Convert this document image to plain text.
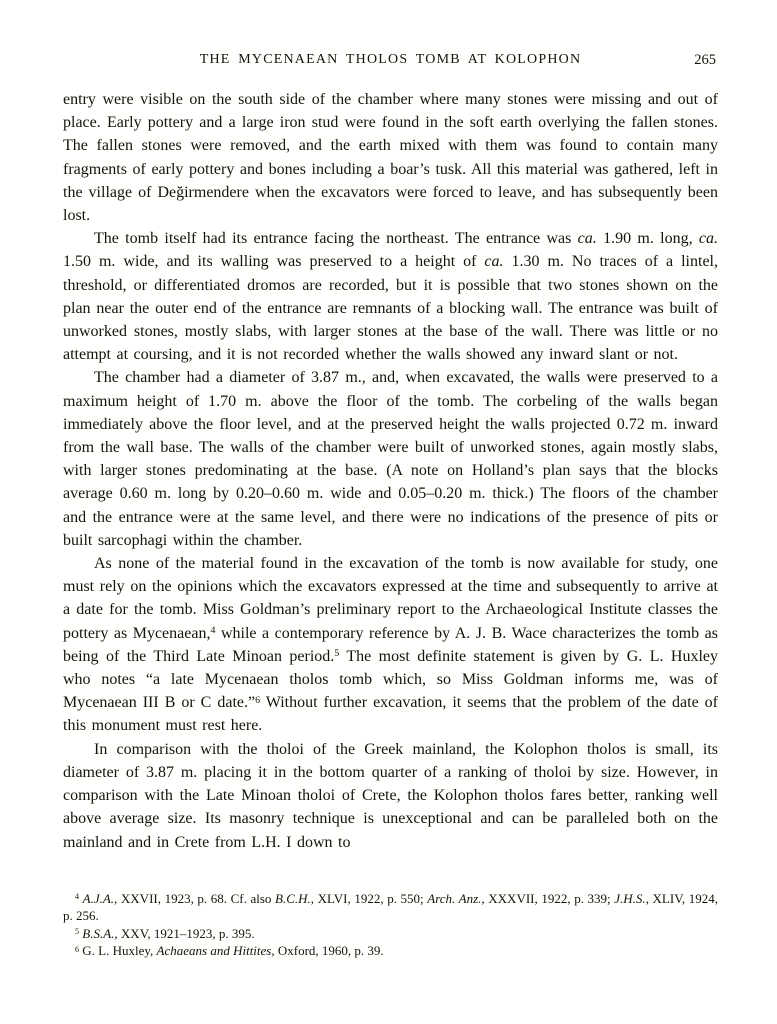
THE MYCENAEAN THOLOS TOMB AT KOLOPHON	265

entry were visible on the south side of the chamber where many stones were missing and out of place. Early pottery and a large iron stud were found in the soft earth overlying the fallen stones. The fallen stones were removed, and the earth mixed with them was found to contain many fragments of early pottery and bones including a boar’s tusk. All this material was gathered, left in the village of Değirmendere when the excavators were forced to leave, and has subsequently been lost.

The tomb itself had its entrance facing the northeast. The entrance was ca. 1.90 m. long, ca. 1.50 m. wide, and its walling was preserved to a height of ca. 1.30 m. No traces of a lintel, threshold, or differentiated dromos are recorded, but it is possible that two stones shown on the plan near the outer end of the entrance are remnants of a blocking wall. The entrance was built of unworked stones, mostly slabs, with larger stones at the base of the wall. There was little or no attempt at coursing, and it is not recorded whether the walls showed any inward slant or not.

The chamber had a diameter of 3.87 m., and, when excavated, the walls were preserved to a maximum height of 1.70 m. above the floor of the tomb. The corbeling of the walls began immediately above the floor level, and at the preserved height the walls projected 0.72 m. inward from the wall base. The walls of the chamber were built of unworked stones, again mostly slabs, with larger stones predominating at the base. (A note on Holland’s plan says that the blocks average 0.60 m. long by 0.20–0.60 m. wide and 0.05–0.20 m. thick.) The floors of the chamber and the entrance were at the same level, and there were no indications of the presence of pits or built sarcophagi within the chamber.

As none of the material found in the excavation of the tomb is now available for study, one must rely on the opinions which the excavators expressed at the time and subsequently to arrive at a date for the tomb. Miss Goldman’s preliminary report to the Archaeological Institute classes the pottery as Mycenaean,$^4$ while a contemporary reference by A. J. B. Wace characterizes the tomb as being of the Third Late Minoan period.$^5$ The most definite statement is given by G. L. Huxley who notes “a late Mycenaean tholos tomb which, so Miss Goldman informs me, was of Mycenaean III B or C date.”$^6$ Without further excavation, it seems that the problem of the date of this monument must rest here.

In comparison with the tholoi of the Greek mainland, the Kolophon tholos is small, its diameter of 3.87 m. placing it in the bottom quarter of a ranking of tholoi by size. However, in comparison with the Late Minoan tholoi of Crete, the Kolophon tholos fares better, ranking well above average size. Its masonry technique is unexceptional and can be paralleled both on the mainland and in Crete from L.H. I down to

$^4$ A.J.A., XXVII, 1923, p. 68. Cf. also B.C.H., XLVI, 1922, p. 550; Arch. Anz., XXXVII, 1922, p. 339; J.H.S., XLIV, 1924, p. 256.

$^5$ B.S.A., XXV, 1921–1923, p. 395.

$^6$ G. L. Huxley, Achaeans and Hittites, Oxford, 1960, p. 39.
